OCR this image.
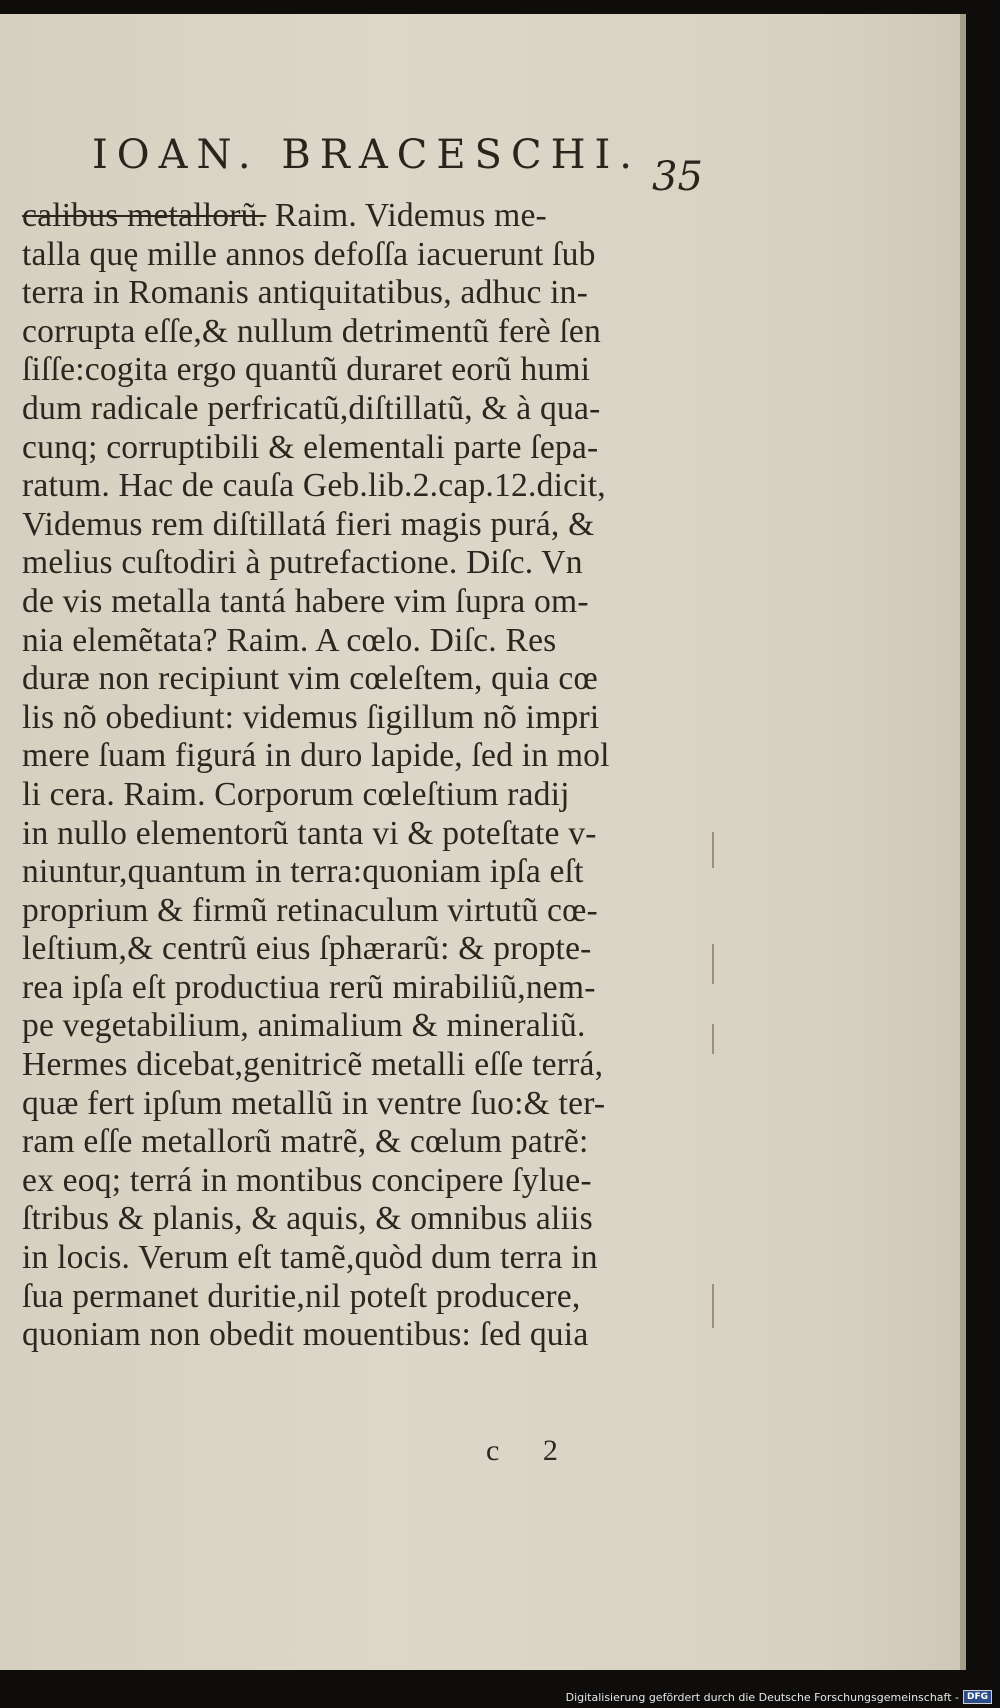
IOAN. BRACESCHI. 35
calibus metallorũ. Raim. Videmus me-
talla quę mille annos defoſſa iacuerunt ſub
terra in Romanis antiquitatibus, adhuc in-
corrupta eſſe,& nullum detrimentũ ferè ſen
ſiſſe:cogita ergo quantũ duraret eorũ humi
dum radicale perfricatũ,diſtillatũ, & à qua-
cunq; corruptibili & elementali parte ſepa-
ratum. Hac de cauſa Geb.lib.2.cap.12.dicit,
Videmus rem diſtillatá fieri magis purá, &
melius cuſtodiri à putrefactione. Diſc. Vn
de vis metalla tantá habere vim ſupra om-
nia elemẽtata? Raim. A cœlo. Diſc. Res
duræ non recipiunt vim cœleſtem, quia cœ
lis nõ obediunt: videmus ſigillum nõ impri
mere ſuam figurá in duro lapide, ſed in mol
li cera. Raim. Corporum cœleſtium radij
in nullo elementorũ tanta vi & poteſtate v-
niuntur,quantum in terra:quoniam ipſa eſt
proprium & firmũ retinaculum virtutũ cœ-
leſtium,& centrũ eius ſphærarũ: & propte-
rea ipſa eſt productiua rerũ mirabiliũ,nem-
pe vegetabilium, animalium & mineraliũ.
Hermes dicebat,genitricẽ metalli eſſe terrá,
quæ fert ipſum metallũ in ventre ſuo:& ter-
ram eſſe metallorũ matrẽ, & cœlum patrẽ:
ex eoq; terrá in montibus concipere ſylue-
ſtribus & planis, & aquis, & omnibus aliis
in locis. Verum eſt tamẽ,quòd dum terra in
ſua permanet duritie,nil poteſt producere,
quoniam non obedit mouentibus: ſed quia
c 2
Digitalisierung gefördert durch die Deutsche Forschungsgemeinschaft - DFG
